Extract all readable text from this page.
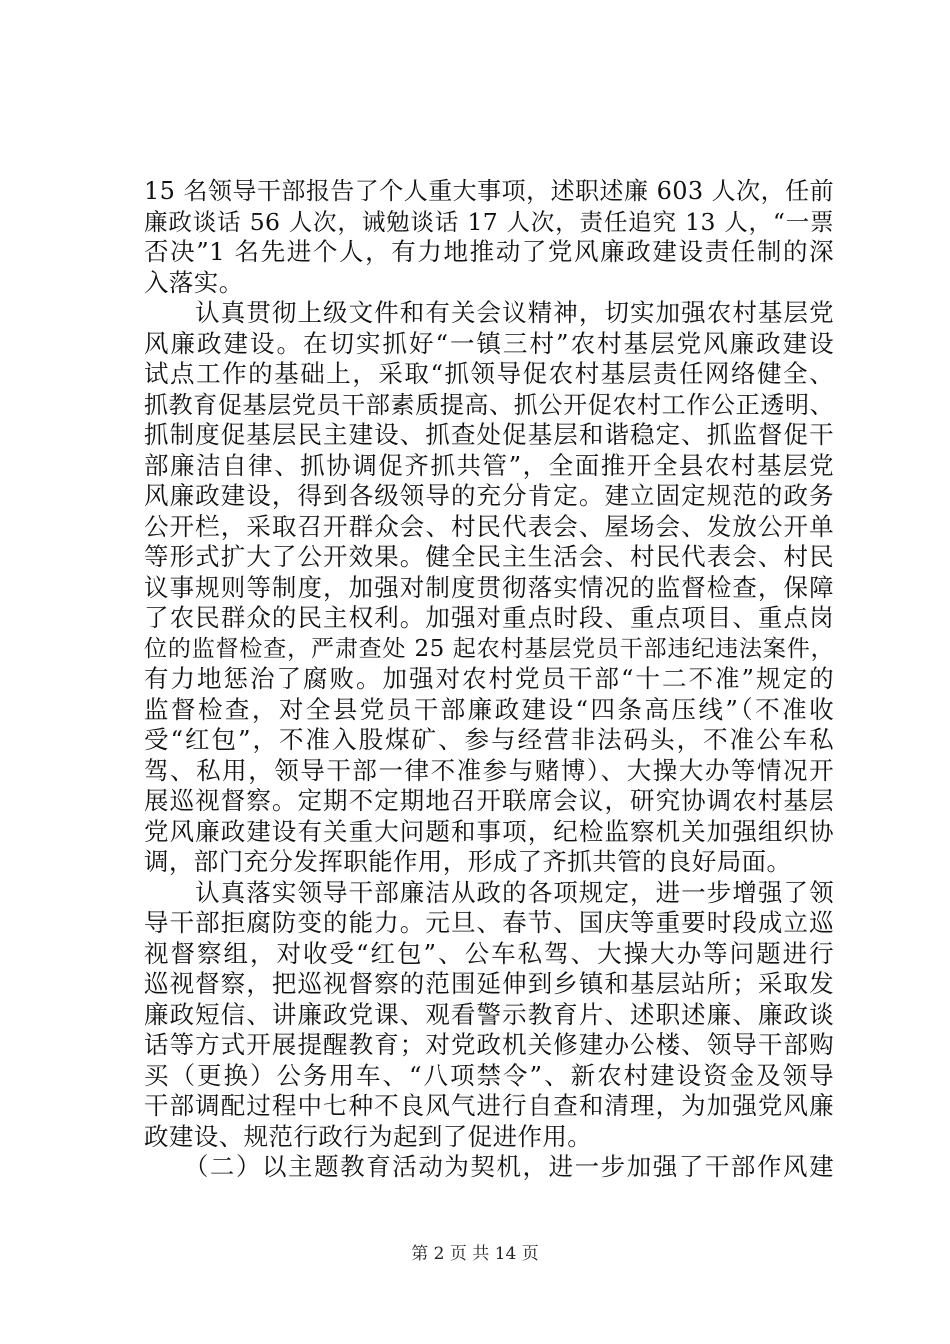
15 名领导干部报告了个人重大事项，述职述廉 603 人次，任前
廉政谈话 56 人次，诫勉谈话 17 人次，责任追究 13 人，“一票
否决”1 名先进个人，有力地推动了党风廉政建设责任制的深
入落实。
　　认真贯彻上级文件和有关会议精神，切实加强农村基层党
风廉政建设。在切实抓好“一镇三村”农村基层党风廉政建设
试点工作的基础上，采取“抓领导促农村基层责任网络健全、
抓教育促基层党员干部素质提高、抓公开促农村工作公正透明、
抓制度促基层民主建设、抓查处促基层和谐稳定、抓监督促干
部廉洁自律、抓协调促齐抓共管”，全面推开全县农村基层党
风廉政建设，得到各级领导的充分肯定。建立固定规范的政务
公开栏，采取召开群众会、村民代表会、屋场会、发放公开单
等形式扩大了公开效果。健全民主生活会、村民代表会、村民
议事规则等制度，加强对制度贯彻落实情况的监督检查，保障
了农民群众的民主权利。加强对重点时段、重点项目、重点岗
位的监督检查，严肃查处 25 起农村基层党员干部违纪违法案件，
有力地惩治了腐败。加强对农村党员干部“十二不准”规定的
监督检查，对全县党员干部廉政建设“四条高压线”（不准收
受“红包”，不准入股煤矿、参与经营非法码头，不准公车私
驾、私用，领导干部一律不准参与赌博）、大操大办等情况开
展巡视督察。定期不定期地召开联席会议，研究协调农村基层
党风廉政建设有关重大问题和事项，纪检监察机关加强组织协
调，部门充分发挥职能作用，形成了齐抓共管的良好局面。
　　认真落实领导干部廉洁从政的各项规定，进一步增强了领
导干部拒腐防变的能力。元旦、春节、国庆等重要时段成立巡
视督察组，对收受“红包”、公车私驾、大操大办等问题进行
巡视督察，把巡视督察的范围延伸到乡镇和基层站所；采取发
廉政短信、讲廉政党课、观看警示教育片、述职述廉、廉政谈
话等方式开展提醒教育；对党政机关修建办公楼、领导干部购
买（更换）公务用车、“八项禁令”、新农村建设资金及领导
干部调配过程中七种不良风气进行自查和清理，为加强党风廉
政建设、规范行政行为起到了促进作用。
　　（二）以主题教育活动为契机，进一步加强了干部作风建
第 2 页 共 14 页
